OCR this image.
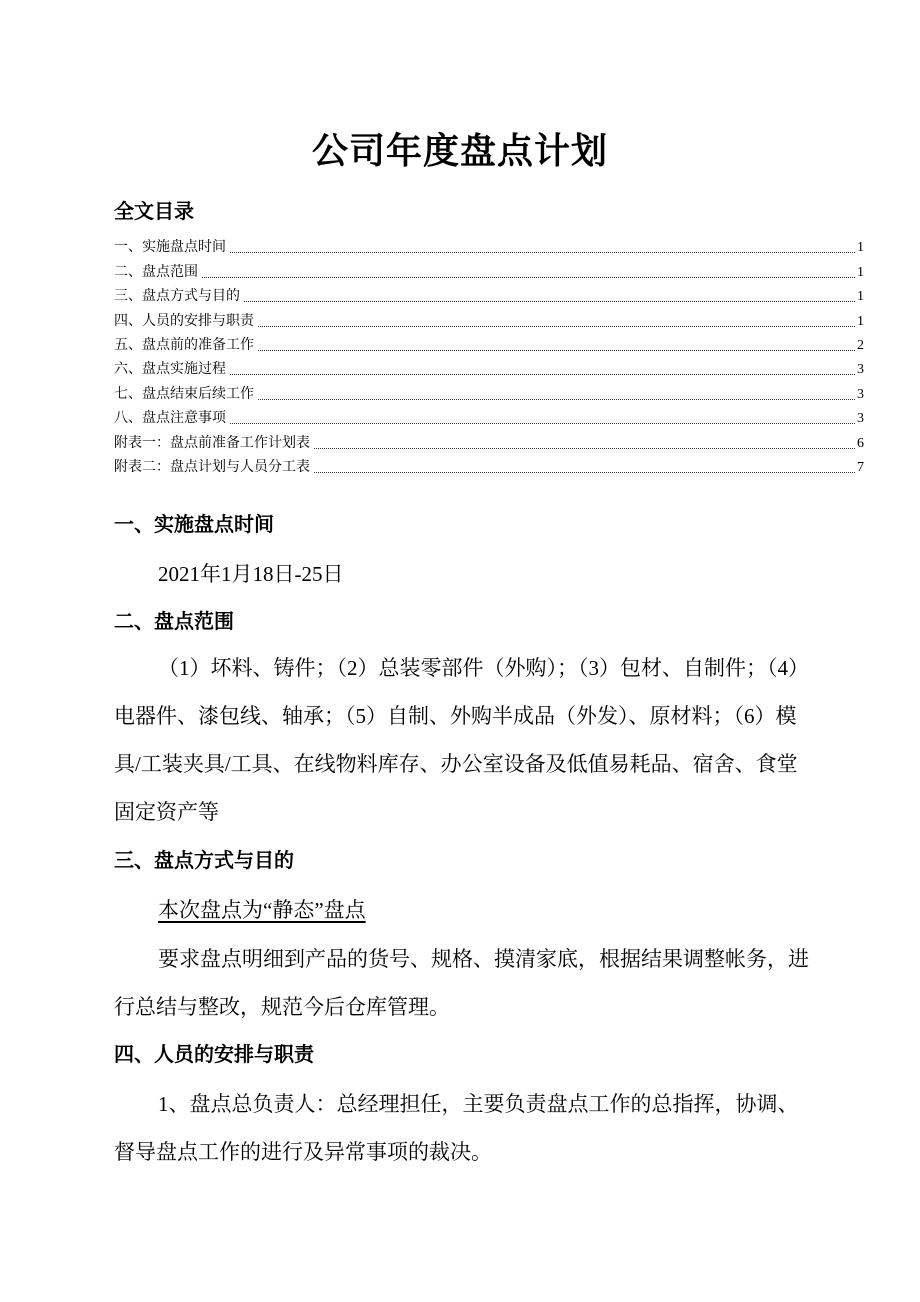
公司年度盘点计划
全文目录
一、实施盘点时间	1
二、盘点范围	1
三、盘点方式与目的	1
四、人员的安排与职责	1
五、盘点前的准备工作	2
六、盘点实施过程	3
七、盘点结束后续工作	3
八、盘点注意事项	3
附表一：盘点前准备工作计划表	6
附表二：盘点计划与人员分工表	7
一、实施盘点时间

2021年1月18日-25日

二、盘点范围

（1）坏料、铸件；（2）总装零部件（外购）；（3）包材、自制件；（4）电器件、漆包线、轴承；（5）自制、外购半成品（外发）、原材料；（6）模具/工装夹具/工具、在线物料库存、办公室设备及低值易耗品、宿舍、食堂固定资产等

三、盘点方式与目的

本次盘点为“静态”盘点

要求盘点明细到产品的货号、规格、摸清家底，根据结果调整帐务，进行总结与整改，规范今后仓库管理。

四、人员的安排与职责

1、盘点总负责人：总经理担任，主要负责盘点工作的总指挥，协调、督导盘点工作的进行及异常事项的裁决。
